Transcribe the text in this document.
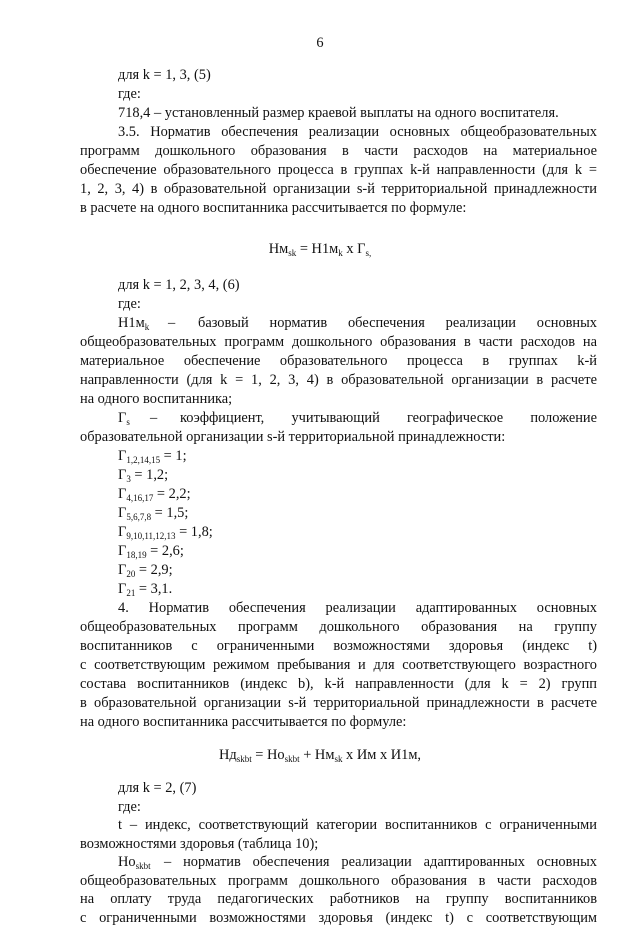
6
для k = 1, 3, (5)
где:
718,4 – установленный размер краевой выплаты на одного воспитателя.
3.5. Норматив обеспечения реализации основных общеобразовательных
программ дошкольного образования в части расходов на материальное
обеспечение образовательного процесса в группах k-й направленности (для k =
1, 2, 3, 4) в образовательной организации s-й территориальной принадлежности
в расчете на одного воспитанника рассчитывается по формуле:
$Нм_{sk} = Н1м_k$ х $Г_{s,}$
для k = 1, 2, 3, 4, (6)
где:
$Н1м_k$ – базовый норматив обеспечения реализации основных
общеобразовательных программ дошкольного образования в части расходов на
материальное обеспечение образовательного процесса в группах k-й
направленности (для k = 1, 2, 3, 4) в образовательной организации в расчете
на одного воспитанника;
$Г_s$ – коэффициент, учитывающий географическое положение
образовательной организации s-й территориальной принадлежности:
$Г_{1,2,14,15} = 1$;
$Г_3 = 1,2$;
$Г_{4,16,17} = 2,2$;
$Г_{5,6,7,8} = 1,5$;
$Г_{9,10,11,12,13} = 1,8$;
$Г_{18,19} = 2,6$;
$Г_{20} = 2,9$;
$Г_{21} = 3,1$.
4. Норматив обеспечения реализации адаптированных основных
общеобразовательных программ дошкольного образования на группу
воспитанников с ограниченными возможностями здоровья (индекс t)
с соответствующим режимом пребывания и для соответствующего возрастного
состава воспитанников (индекс b), k-й направленности (для k = 2) групп
в образовательной организации s-й территориальной принадлежности в расчете
на одного воспитанника рассчитывается по формуле:
$Нд_{skbt} = Но_{skbt} + Нм_{sk}$ х Им х И1м,
для k = 2, (7)
где:
t – индекс, соответствующий категории воспитанников с ограниченными
возможностями здоровья (таблица 10);
$Но_{skbt}$ – норматив обеспечения реализации адаптированных основных
общеобразовательных программ дошкольного образования в части расходов
на оплату труда педагогических работников на группу воспитанников
с ограниченными возможностями здоровья (индекс t) с соответствующим
